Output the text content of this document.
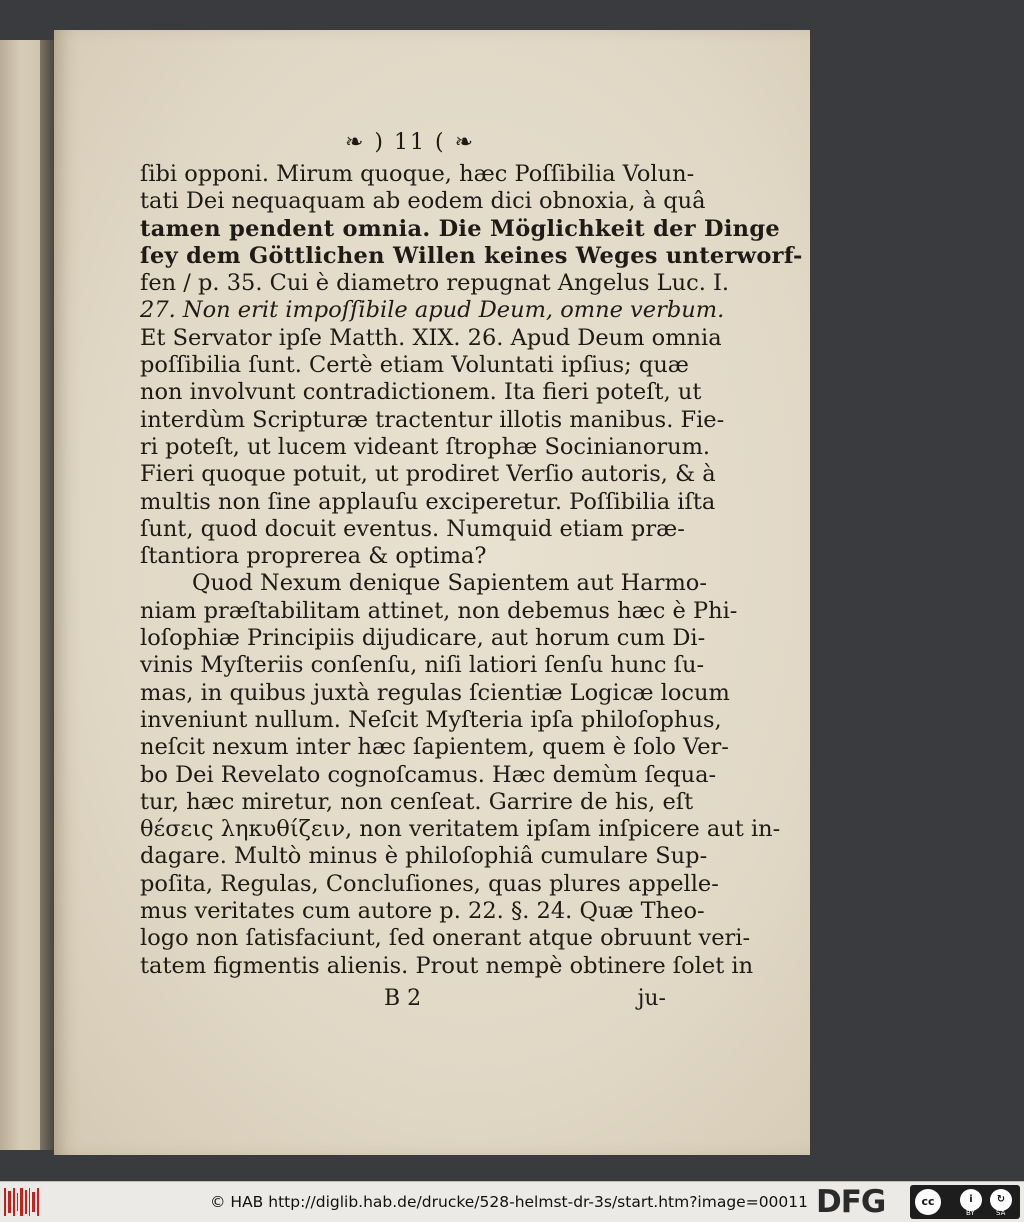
❧ ) 11 ( ❧
ſibi opponi. Mirum quoque, hæc Poſſibilia Volun-
tati Dei nequaquam ab eodem dici obnoxia, à quâ
tamen pendent omnia. Die Möglichkeit der Dinge
ſey dem Göttlichen Willen keines Weges unterworf-
fen / p. 35. Cui è diametro repugnat Angelus Luc. I.
27. Non erit impoſſibile apud Deum, omne verbum.
Et Servator ipſe Matth. XIX. 26. Apud Deum omnia
poſſibilia ſunt. Certè etiam Voluntati ipſius; quæ
non involvunt contradictionem. Ita fieri poteſt, ut
interdùm Scripturæ tractentur illotis manibus. Fie-
ri poteſt, ut lucem videant ſtrophæ Socinianorum.
Fieri quoque potuit, ut prodiret Verſio autoris, & à
multis non ſine applauſu exciperetur. Poſſibilia iſta
ſunt, quod docuit eventus. Numquid etiam præ-
ſtantiora proprerea & optima?
Quod Nexum denique Sapientem aut Harmo-
niam præſtabilitam attinet, non debemus hæc è Phi-
loſophiæ Principiis dijudicare, aut horum cum Di-
vinis Myſteriis conſenſu, niſi latiori ſenſu hunc ſu-
mas, in quibus juxtà regulas ſcientiæ Logicæ locum
inveniunt nullum. Neſcit Myſteria ipſa philoſophus,
neſcit nexum inter hæc ſapientem, quem è ſolo Ver-
bo Dei Revelato cognoſcamus. Hæc demùm ſequa-
tur, hæc miretur, non cenſeat. Garrire de his, eſt
θέσεις ληκυθίζειν, non veritatem ipſam inſpicere aut in-
dagare. Multò minus è philoſophiâ cumulare Sup-
poſita, Regulas, Concluſiones, quas plures appelle-
mus veritates cum autore p. 22. §. 24. Quæ Theo-
logo non ſatisfaciunt, ſed onerant atque obruunt veri-
tatem figmentis alienis. Prout nempè obtinere ſolet in
B 2	ju-
© HAB http://diglib.hab.de/drucke/528-helmst-dr-3s/start.htm?image=00011 DFG	cc	i	↻
BY	SA
